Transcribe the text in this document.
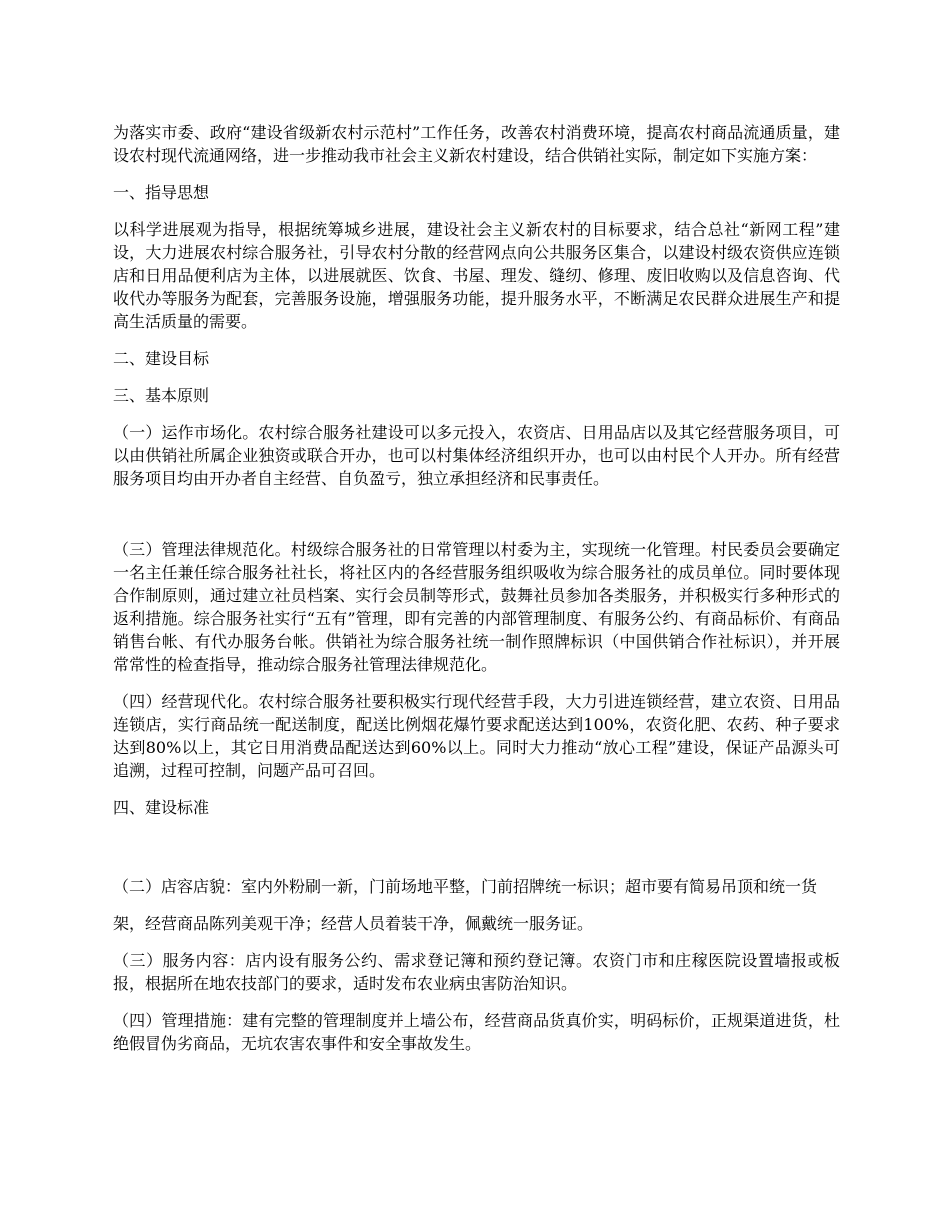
为落实市委、政府“建设省级新农村示范村”工作任务，改善农村消费环境，提高农村商品流通质量，建设农村现代流通网络，进一步推动我市社会主义新农村建设，结合供销社实际，制定如下实施方案：

一、指导思想

以科学进展观为指导，根据统筹城乡进展，建设社会主义新农村的目标要求，结合总社“新网工程”建设，大力进展农村综合服务社，引导农村分散的经营网点向公共服务区集合，以建设村级农资供应连锁店和日用品便利店为主体，以进展就医、饮食、书屋、理发、缝纫、修理、废旧收购以及信息咨询、代收代办等服务为配套，完善服务设施，增强服务功能，提升服务水平，不断满足农民群众进展生产和提高生活质量的需要。

二、建设目标

三、基本原则

（一）运作市场化。农村综合服务社建设可以多元投入，农资店、日用品店以及其它经营服务项目，可以由供销社所属企业独资或联合开办，也可以村集体经济组织开办，也可以由村民个人开办。所有经营服务项目均由开办者自主经营、自负盈亏，独立承担经济和民事责任。

（三）管理法律规范化。村级综合服务社的日常管理以村委为主，实现统一化管理。村民委员会要确定一名主任兼任综合服务社社长，将社区内的各经营服务组织吸收为综合服务社的成员单位。同时要体现合作制原则，通过建立社员档案、实行会员制等形式，鼓舞社员参加各类服务，并积极实行多种形式的返利措施。综合服务社实行“五有”管理，即有完善的内部管理制度、有服务公约、有商品标价、有商品销售台帐、有代办服务台帐。供销社为综合服务社统一制作照牌标识（中国供销合作社标识），并开展常常性的检查指导，推动综合服务社管理法律规范化。

（四）经营现代化。农村综合服务社要积极实行现代经营手段，大力引进连锁经营，建立农资、日用品连锁店，实行商品统一配送制度，配送比例烟花爆竹要求配送达到100%，农资化肥、农药、种子要求达到80%以上，其它日用消费品配送达到60%以上。同时大力推动“放心工程”建设，保证产品源头可追溯，过程可控制，问题产品可召回。

四、建设标准

（二）店容店貌：室内外粉刷一新，门前场地平整，门前招牌统一标识；超市要有简易吊顶和统一货

架，经营商品陈列美观干净；经营人员着装干净，佩戴统一服务证。

（三）服务内容：店内设有服务公约、需求登记簿和预约登记簿。农资门市和庄稼医院设置墙报或板报，根据所在地农技部门的要求，适时发布农业病虫害防治知识。

（四）管理措施：建有完整的管理制度并上墙公布，经营商品货真价实，明码标价，正规渠道进货，杜绝假冒伪劣商品，无坑农害农事件和安全事故发生。
